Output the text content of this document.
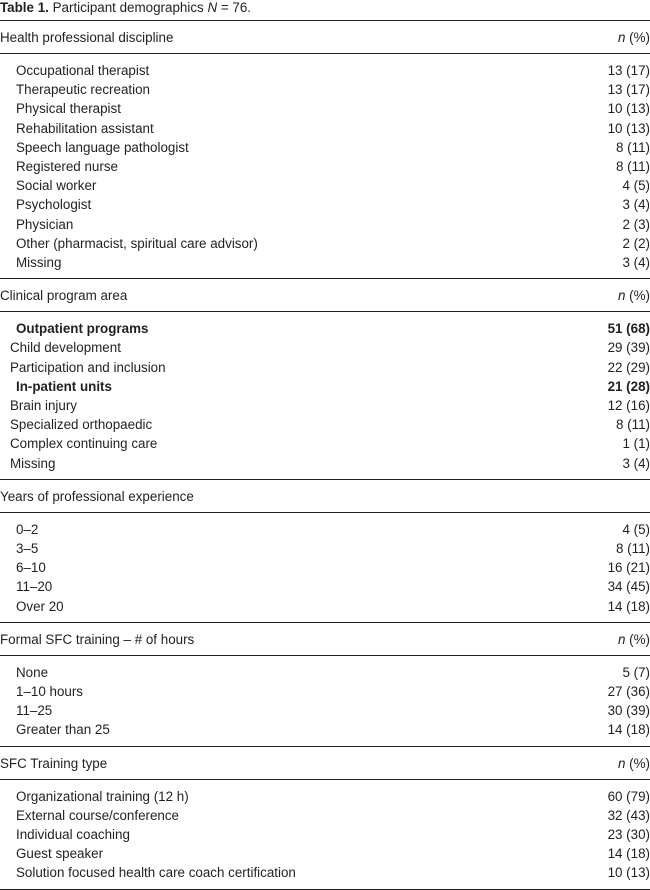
Table 1. Participant demographics N = 76.
Health professional discipline	n (%)
Occupational therapist	13 (17)
Therapeutic recreation	13 (17)
Physical therapist	10 (13)
Rehabilitation assistant	10 (13)
Speech language pathologist	8 (11)
Registered nurse	8 (11)
Social worker	4 (5)
Psychologist	3 (4)
Physician	2 (3)
Other (pharmacist, spiritual care advisor)	2 (2)
Missing	3 (4)
Clinical program area	n (%)
Outpatient programs	51 (68)
Child development	29 (39)
Participation and inclusion	22 (29)
In-patient units	21 (28)
Brain injury	12 (16)
Specialized orthopaedic	8 (11)
Complex continuing care	1 (1)
Missing	3 (4)
Years of professional experience
0–2	4 (5)
3–5	8 (11)
6–10	16 (21)
11–20	34 (45)
Over 20	14 (18)
Formal SFC training – # of hours	n (%)
None	5 (7)
1–10 hours	27 (36)
11–25	30 (39)
Greater than 25	14 (18)
SFC Training type	n (%)
Organizational training (12 h)	60 (79)
External course/conference	32 (43)
Individual coaching	23 (30)
Guest speaker	14 (18)
Solution focused health care coach certification	10 (13)
